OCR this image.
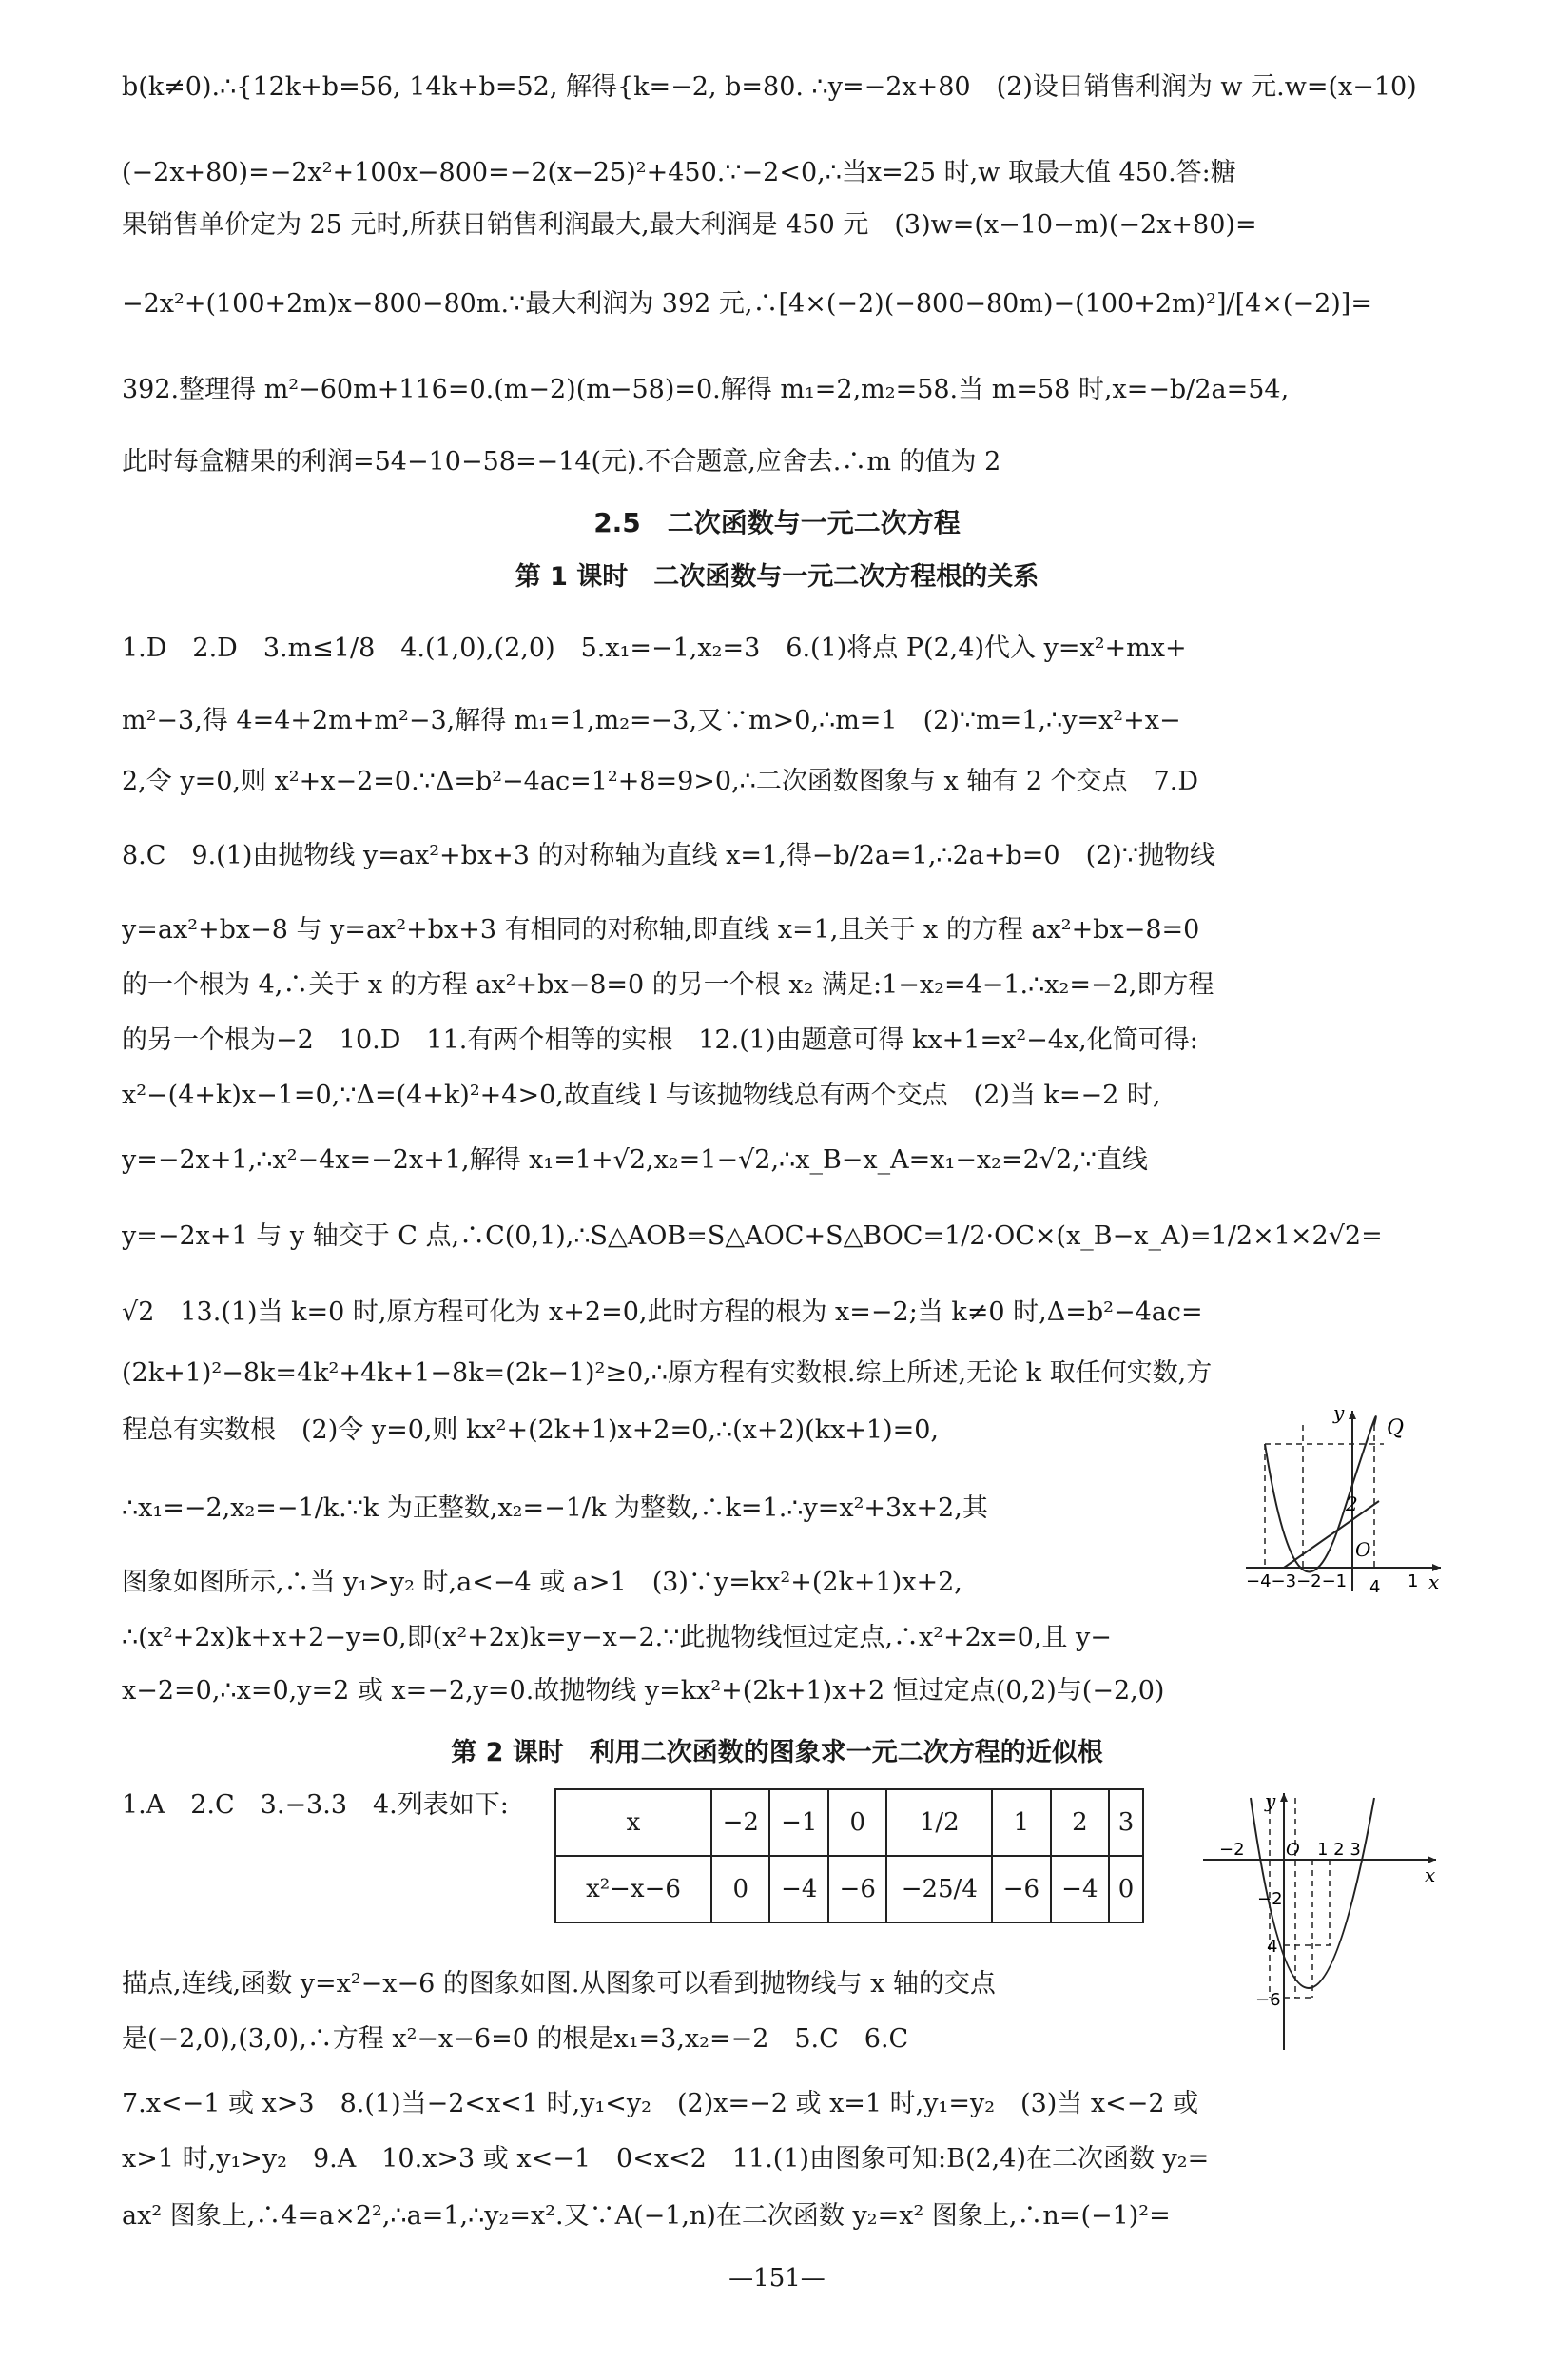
b(k≠0).∴{12k+b=56, 14k+b=52, 解得{k=−2, b=80. ∴y=−2x+80　(2)设日销售利润为 w 元.w=(x−10)
(−2x+80)=−2x²+100x−800=−2(x−25)²+450.∵−2<0,∴当x=25 时,w 取最大值 450.答:糖
果销售单价定为 25 元时,所获日销售利润最大,最大利润是 450 元　(3)w=(x−10−m)(−2x+80)=
−2x²+(100+2m)x−800−80m.∵最大利润为 392 元,∴[4×(−2)(−800−80m)−(100+2m)²]/[4×(−2)]=
392.整理得 m²−60m+116=0.(m−2)(m−58)=0.解得 m₁=2,m₂=58.当 m=58 时,x=−b/2a=54,
此时每盒糖果的利润=54−10−58=−14(元).不合题意,应舍去.∴m 的值为 2
2.5　二次函数与一元二次方程
第 1 课时　二次函数与一元二次方程根的关系
1.D　2.D　3.m≤1/8　4.(1,0),(2,0)　5.x₁=−1,x₂=3　6.(1)将点 P(2,4)代入 y=x²+mx+
m²−3,得 4=4+2m+m²−3,解得 m₁=1,m₂=−3,又∵m>0,∴m=1　(2)∵m=1,∴y=x²+x−
2,令 y=0,则 x²+x−2=0.∵Δ=b²−4ac=1²+8=9>0,∴二次函数图象与 x 轴有 2 个交点　7.D
8.C　9.(1)由抛物线 y=ax²+bx+3 的对称轴为直线 x=1,得−b/2a=1,∴2a+b=0　(2)∵抛物线
y=ax²+bx−8 与 y=ax²+bx+3 有相同的对称轴,即直线 x=1,且关于 x 的方程 ax²+bx−8=0
的一个根为 4,∴关于 x 的方程 ax²+bx−8=0 的另一个根 x₂ 满足:1−x₂=4−1.∴x₂=−2,即方程
的另一个根为−2　10.D　11.有两个相等的实根　12.(1)由题意可得 kx+1=x²−4x,化简可得:
x²−(4+k)x−1=0,∵Δ=(4+k)²+4>0,故直线 l 与该抛物线总有两个交点　(2)当 k=−2 时,
y=−2x+1,∴x²−4x=−2x+1,解得 x₁=1+√2,x₂=1−√2,∴x_B−x_A=x₁−x₂=2√2,∵直线
y=−2x+1 与 y 轴交于 C 点,∴C(0,1),∴S△AOB=S△AOC+S△BOC=1/2·OC×(x_B−x_A)=1/2×1×2√2=
√2　13.(1)当 k=0 时,原方程可化为 x+2=0,此时方程的根为 x=−2;当 k≠0 时,Δ=b²−4ac=
(2k+1)²−8k=4k²+4k+1−8k=(2k−1)²≥0,∴原方程有实数根.综上所述,无论 k 取任何实数,方
程总有实数根　(2)令 y=0,则 kx²+(2k+1)x+2=0,∴(x+2)(kx+1)=0,
∴x₁=−2,x₂=−1/k.∵k 为正整数,x₂=−1/k 为整数,∴k=1.∴y=x²+3x+2,其
图象如图所示,∴当 y₁>y₂ 时,a<−4 或 a>1　(3)∵y=kx²+(2k+1)x+2,
∴(x²+2x)k+x+2−y=0,即(x²+2x)k=y−x−2.∵此抛物线恒过定点,∴x²+2x=0,且 y−
x−2=0,∴x=0,y=2 或 x=−2,y=0.故抛物线 y=kx²+(2k+1)x+2 恒过定点(0,2)与(−2,0)
2
O
Q
y
x
−4−3−2−1 4 1
第 2 课时　利用二次函数的图象求一元二次方程的近似根
1.A　2.C　3.−3.3　4.列表如下:
x	−2	−1	0	1/2	1	2	3
x²−x−6	0	−4	−6	−25/4	−6	−4	0
y
x
O
−2	1 2 3
−2
4
−6
描点,连线,函数 y=x²−x−6 的图象如图.从图象可以看到抛物线与 x 轴的交点
是(−2,0),(3,0),∴方程 x²−x−6=0 的根是x₁=3,x₂=−2　5.C　6.C
7.x<−1 或 x>3　8.(1)当−2<x<1 时,y₁<y₂　(2)x=−2 或 x=1 时,y₁=y₂　(3)当 x<−2 或
x>1 时,y₁>y₂　9.A　10.x>3 或 x<−1　0<x<2　11.(1)由图象可知:B(2,4)在二次函数 y₂=
ax² 图象上,∴4=a×2²,∴a=1,∴y₂=x².又∵A(−1,n)在二次函数 y₂=x² 图象上,∴n=(−1)²=
—151—
